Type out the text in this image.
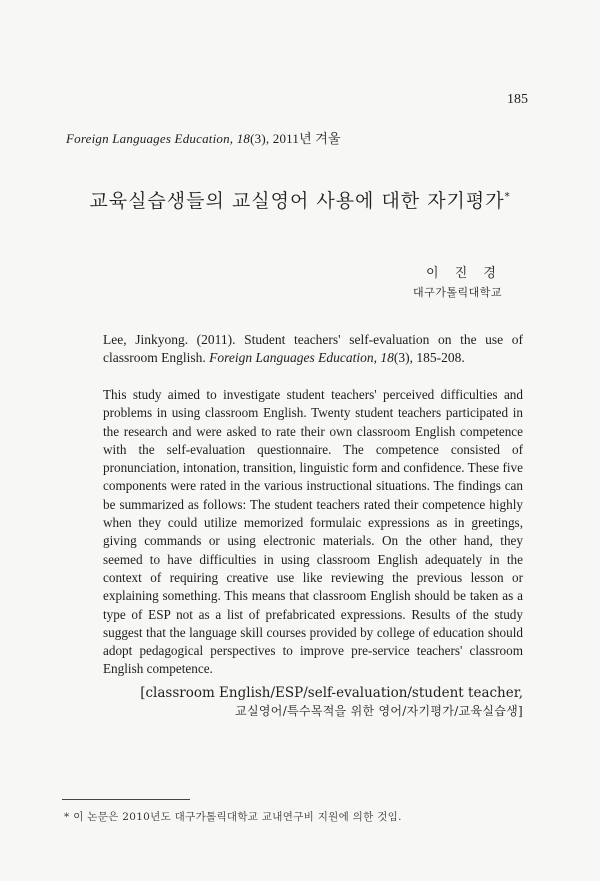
185
Foreign Languages Education, 18(3), 2011년 겨울
교육실습생들의 교실영어 사용에 대한 자기평가*
이 진 경
대구가톨릭대학교
Lee, Jinkyong. (2011). Student teachers' self-evaluation on the use of classroom English. Foreign Languages Education, 18(3), 185-208.

This study aimed to investigate student teachers' perceived difficulties and problems in using classroom English. Twenty student teachers participated in the research and were asked to rate their own classroom English competence with the self-evaluation questionnaire. The competence consisted of pronunciation, intonation, transition, linguistic form and confidence. These five components were rated in the various instructional situations. The findings can be summarized as follows: The student teachers rated their competence highly when they could utilize memorized formulaic expressions as in greetings, giving commands or using electronic materials. On the other hand, they seemed to have difficulties in using classroom English adequately in the context of requiring creative use like reviewing the previous lesson or explaining something. This means that classroom English should be taken as a type of ESP not as a list of prefabricated expressions. Results of the study suggest that the language skill courses provided by college of education should adopt pedagogical perspectives to improve pre-service teachers' classroom English competence.

[classroom English/ESP/self-evaluation/student teacher,
교실영어/특수목적을 위한 영어/자기평가/교육실습생]
* 이 논문은 2010년도 대구가톨릭대학교 교내연구비 지원에 의한 것임.
